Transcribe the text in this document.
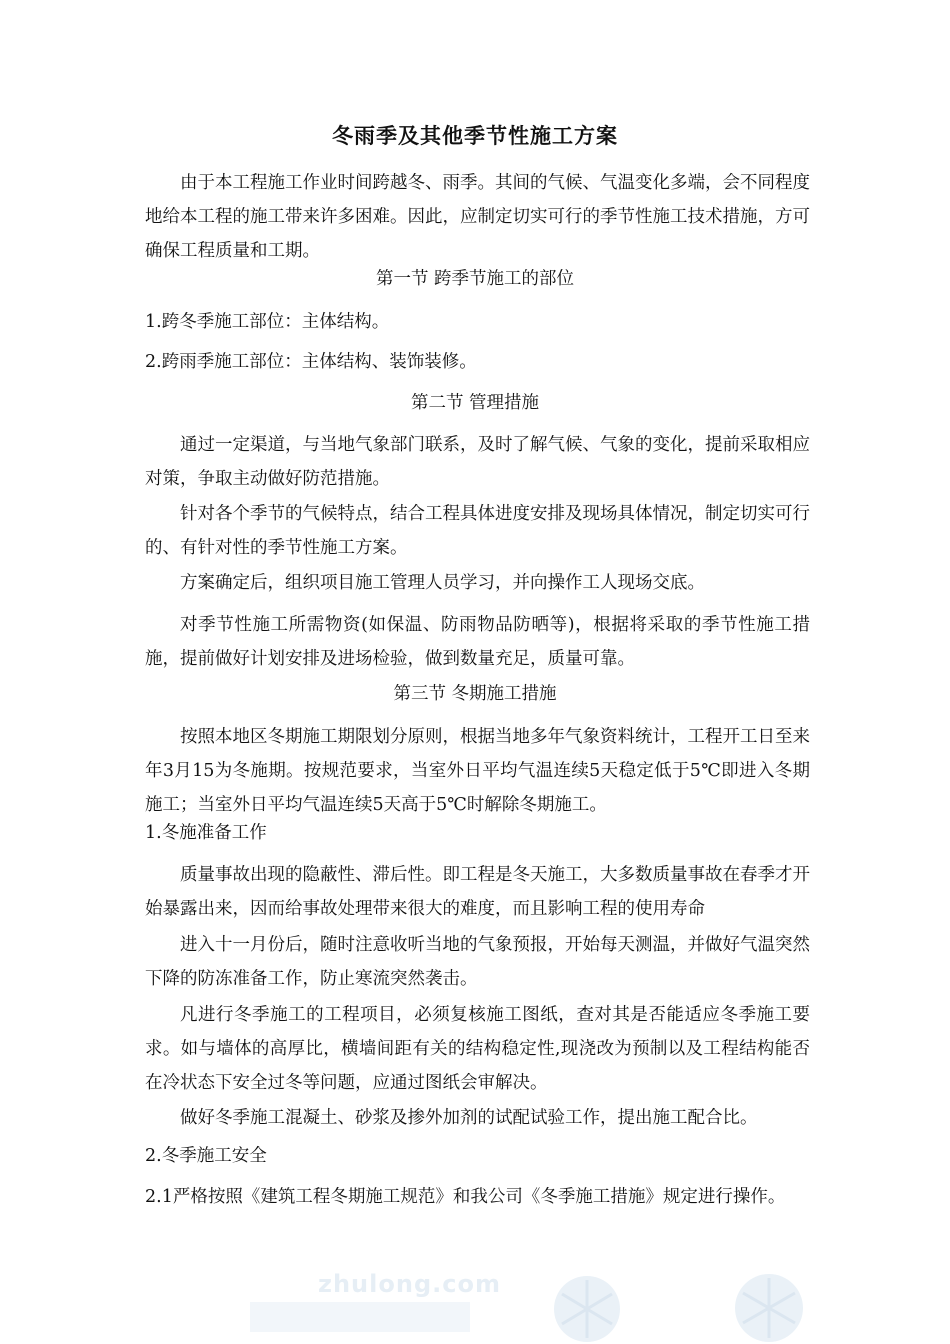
冬雨季及其他季节性施工方案

由于本工程施工作业时间跨越冬、雨季。其间的气候、气温变化多端，会不同程度地给本工程的施工带来许多困难。因此，应制定切实可行的季节性施工技术措施，方可确保工程质量和工期。

第一节 跨季节施工的部位

1.跨冬季施工部位：主体结构。

2.跨雨季施工部位：主体结构、装饰装修。

第二节 管理措施

通过一定渠道，与当地气象部门联系，及时了解气候、气象的变化，提前采取相应对策，争取主动做好防范措施。

针对各个季节的气候特点，结合工程具体进度安排及现场具体情况，制定切实可行的、有针对性的季节性施工方案。

方案确定后，组织项目施工管理人员学习，并向操作工人现场交底。

对季节性施工所需物资(如保温、防雨物品防晒等)，根据将采取的季节性施工措施，提前做好计划安排及进场检验，做到数量充足，质量可靠。

第三节 冬期施工措施

按照本地区冬期施工期限划分原则，根据当地多年气象资料统计，工程开工日至来年3月15为冬施期。按规范要求，当室外日平均气温连续5天稳定低于5℃即进入冬期施工；当室外日平均气温连续5天高于5℃时解除冬期施工。

1.冬施准备工作

质量事故出现的隐蔽性、滞后性。即工程是冬天施工，大多数质量事故在春季才开始暴露出来，因而给事故处理带来很大的难度，而且影响工程的使用寿命

进入十一月份后，随时注意收听当地的气象预报，开始每天测温，并做好气温突然下降的防冻准备工作，防止寒流突然袭击。

凡进行冬季施工的工程项目，必须复核施工图纸，查对其是否能适应冬季施工要求。如与墙体的高厚比，横墙间距有关的结构稳定性,现浇改为预制以及工程结构能否在冷状态下安全过冬等问题，应通过图纸会审解决。

做好冬季施工混凝土、砂浆及掺外加剂的试配试验工作，提出施工配合比。

2.冬季施工安全

2.1严格按照《建筑工程冬期施工规范》和我公司《冬季施工措施》规定进行操作。

zhulong.com
